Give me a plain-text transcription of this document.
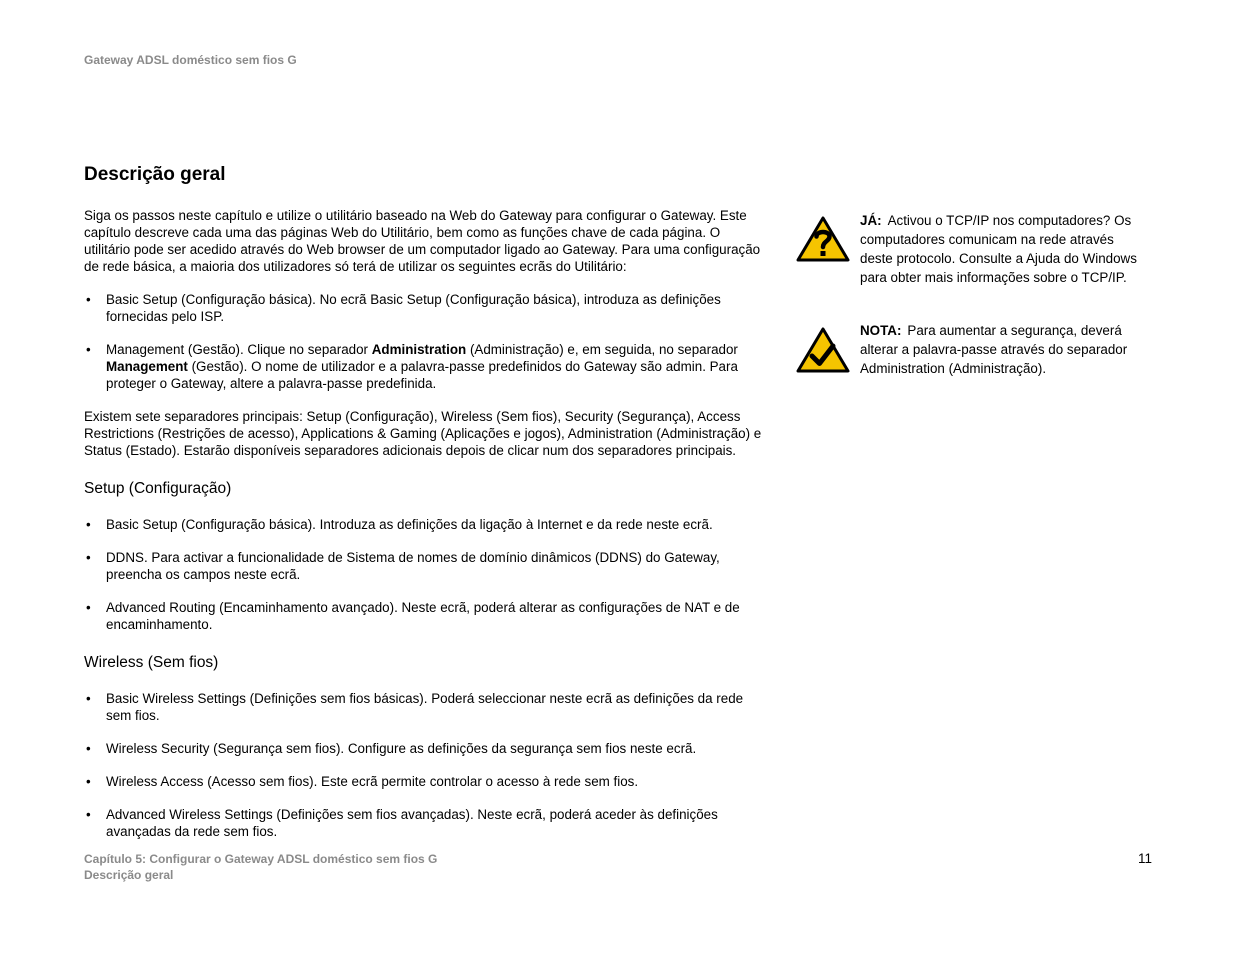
Gateway ADSL doméstico sem fios G
Descrição geral

Siga os passos neste capítulo e utilize o utilitário baseado na Web do Gateway para configurar o Gateway. Este capítulo descreve cada uma das páginas Web do Utilitário, bem como as funções chave de cada página. O utilitário pode ser acedido através do Web browser de um computador ligado ao Gateway. Para uma configuração de rede básica, a maioria dos utilizadores só terá de utilizar os seguintes ecrãs do Utilitário:

• Basic Setup (Configuração básica). No ecrã Basic Setup (Configuração básica), introduza as definições fornecidas pelo ISP.
• Management (Gestão). Clique no separador Administration (Administração) e, em seguida, no separador Management (Gestão). O nome de utilizador e a palavra-passe predefinidos do Gateway são admin. Para proteger o Gateway, altere a palavra-passe predefinida.

Existem sete separadores principais: Setup (Configuração), Wireless (Sem fios), Security (Segurança), Access Restrictions (Restrições de acesso), Applications & Gaming (Aplicações e jogos), Administration (Administração) e Status (Estado). Estarão disponíveis separadores adicionais depois de clicar num dos separadores principais.

Setup (Configuração)
• Basic Setup (Configuração básica). Introduza as definições da ligação à Internet e da rede neste ecrã.
• DDNS. Para activar a funcionalidade de Sistema de nomes de domínio dinâmicos (DDNS) do Gateway, preencha os campos neste ecrã.
• Advanced Routing (Encaminhamento avançado). Neste ecrã, poderá alterar as configurações de NAT e de encaminhamento.
Wireless (Sem fios)
• Basic Wireless Settings (Definições sem fios básicas). Poderá seleccionar neste ecrã as definições da rede sem fios.
• Wireless Security (Segurança sem fios). Configure as definições da segurança sem fios neste ecrã.
• Wireless Access (Acesso sem fios). Este ecrã permite controlar o acesso à rede sem fios.
• Advanced Wireless Settings (Definições sem fios avançadas). Neste ecrã, poderá aceder às definições avançadas da rede sem fios.
JÁ: Activou o TCP/IP nos computadores? Os computadores comunicam na rede através deste protocolo. Consulte a Ajuda do Windows para obter mais informações sobre o TCP/IP.
NOTA: Para aumentar a segurança, deverá alterar a palavra-passe através do separador Administration (Administração).
Capítulo 5: Configurar o Gateway ADSL doméstico sem fios G
Descrição geral
11
